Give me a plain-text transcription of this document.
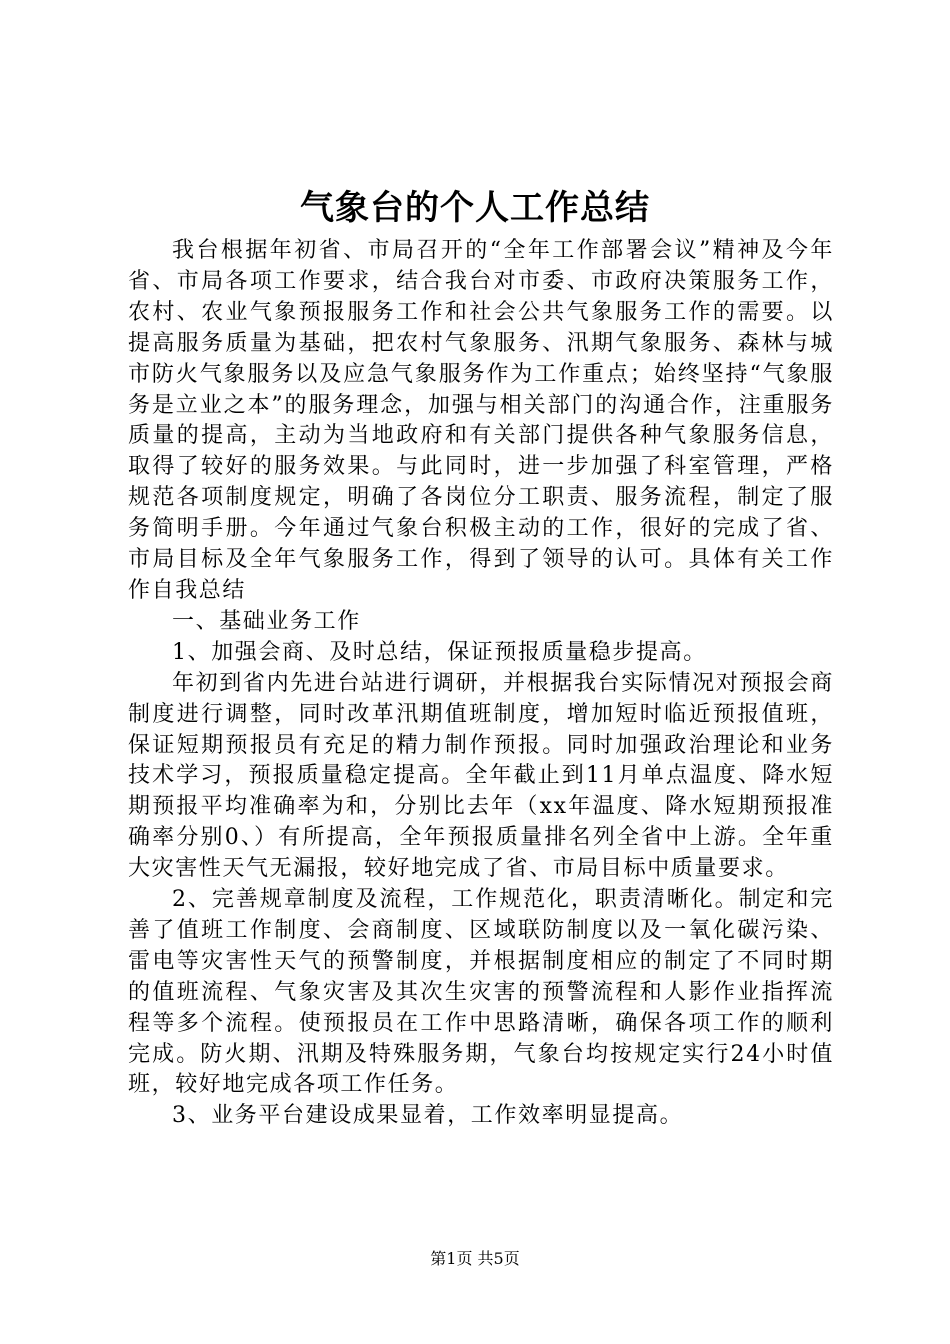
气象台的个人工作总结

我台根据年初省、市局召开的“全年工作部署会议”精神及今年省、市局各项工作要求，结合我台对市委、市政府决策服务工作，农村、农业气象预报服务工作和社会公共气象服务工作的需要。以提高服务质量为基础，把农村气象服务、汛期气象服务、森林与城市防火气象服务以及应急气象服务作为工作重点；始终坚持“气象服务是立业之本”的服务理念，加强与相关部门的沟通合作，注重服务质量的提高，主动为当地政府和有关部门提供各种气象服务信息，取得了较好的服务效果。与此同时，进一步加强了科室管理，严格规范各项制度规定，明确了各岗位分工职责、服务流程，制定了服务简明手册。今年通过气象台积极主动的工作，很好的完成了省、市局目标及全年气象服务工作，得到了领导的认可。具体有关工作作自我总结

一、基础业务工作

1、加强会商、及时总结，保证预报质量稳步提高。

年初到省内先进台站进行调研，并根据我台实际情况对预报会商制度进行调整，同时改革汛期值班制度，增加短时临近预报值班，保证短期预报员有充足的精力制作预报。同时加强政治理论和业务技术学习，预报质量稳定提高。全年截止到11月单点温度、降水短期预报平均准确率为和，分别比去年（xx年温度、降水短期预报准确率分别0、）有所提高，全年预报质量排名列全省中上游。全年重大灾害性天气无漏报，较好地完成了省、市局目标中质量要求。

2、完善规章制度及流程，工作规范化，职责清晰化。制定和完善了值班工作制度、会商制度、区域联防制度以及一氧化碳污染、雷电等灾害性天气的预警制度，并根据制度相应的制定了不同时期的值班流程、气象灾害及其次生灾害的预警流程和人影作业指挥流程等多个流程。使预报员在工作中思路清晰，确保各项工作的顺利完成。防火期、汛期及特殊服务期，气象台均按规定实行24小时值班，较好地完成各项工作任务。

3、业务平台建设成果显着，工作效率明显提高。

第1页 共5页
